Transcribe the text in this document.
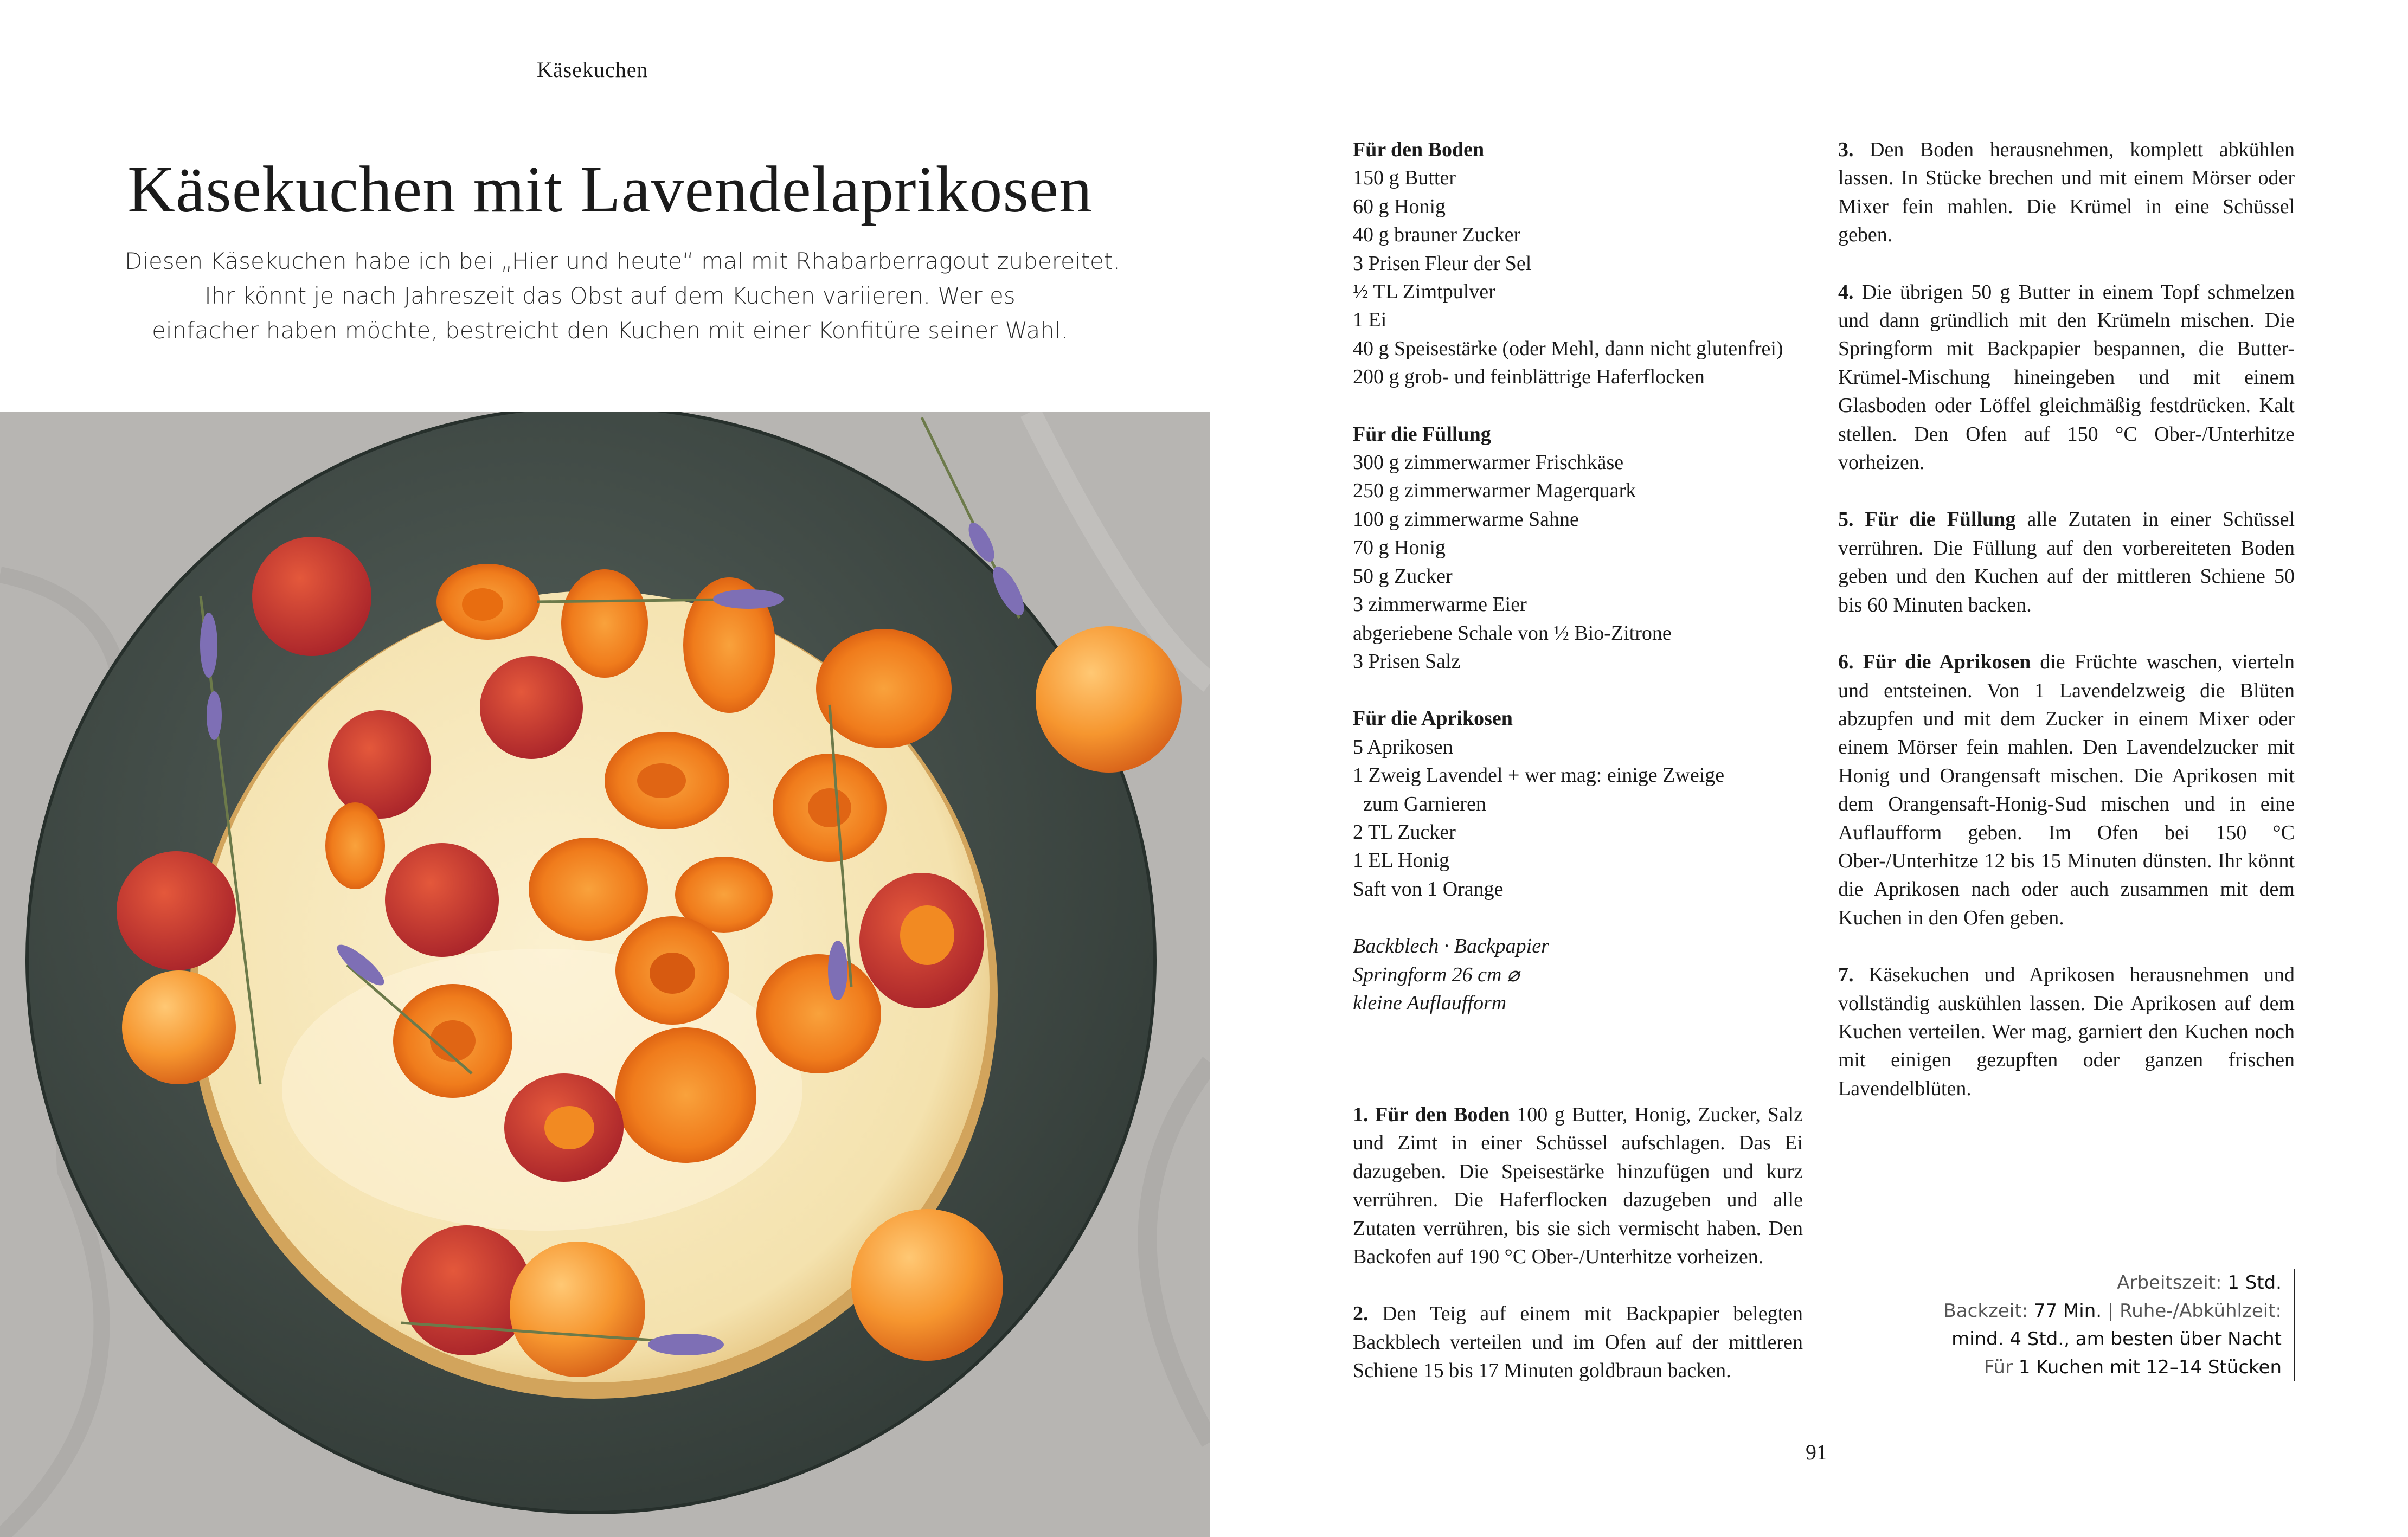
Käsekuchen
Käsekuchen mit Lavendelaprikosen
Diesen Käsekuchen habe ich bei „Hier und heute“ mal mit Rhabarberragout zubereitet.
Ihr könnt je nach Jahreszeit das Obst auf dem Kuchen variieren. Wer es
einfacher haben möchte, bestreicht den Kuchen mit einer Konfitüre seiner Wahl.
Für den Boden
150 g Butter
60 g Honig
40 g brauner Zucker
3 Prisen Fleur der Sel
½ TL Zimtpulver
1 Ei
40 g Speisestärke (oder Mehl, dann nicht glutenfrei)
200 g grob- und feinblättrige Haferflocken
Für die Füllung
300 g zimmerwarmer Frischkäse
250 g zimmerwarmer Magerquark
100 g zimmerwarme Sahne
70 g Honig
50 g Zucker
3 zimmerwarme Eier
abgeriebene Schale von ½ Bio-Zitrone
3 Prisen Salz
Für die Aprikosen
5 Aprikosen
1 Zweig Lavendel + wer mag: einige Zweige
zum Garnieren
2 TL Zucker
1 EL Honig
Saft von 1 Orange
Backblech · Backpapier
Springform 26 cm ⌀
kleine Auflaufform
1. Für den Boden 100 g Butter, Honig, Zucker, Salz und Zimt in einer Schüssel aufschlagen. Das Ei dazugeben. Die Speisestärke hinzufügen und kurz verrühren. Die Haferflocken dazugeben und alle Zutaten verrühren, bis sie sich vermischt haben. Den Backofen auf 190 °C Ober-/Unterhitze vorheizen.
2. Den Teig auf einem mit Backpapier belegten Backblech verteilen und im Ofen auf der mittleren Schiene 15 bis 17 Minuten goldbraun backen.
3. Den Boden herausnehmen, komplett abkühlen lassen. In Stücke brechen und mit einem Mörser oder Mixer fein mahlen. Die Krümel in eine Schüssel geben.
4. Die übrigen 50 g Butter in einem Topf schmelzen und dann gründlich mit den Krümeln mischen. Die Springform mit Backpapier bespannen, die Butter-Krümel-Mischung hineingeben und mit einem Glasboden oder Löffel gleichmäßig festdrücken. Kalt stellen. Den Ofen auf 150 °C Ober-/Unterhitze vorheizen.
5. Für die Füllung alle Zutaten in einer Schüssel verrühren. Die Füllung auf den vorbereiteten Boden geben und den Kuchen auf der mittleren Schiene 50 bis 60 Minuten backen.
6. Für die Aprikosen die Früchte waschen, vierteln und entsteinen. Von 1 Lavendelzweig die Blüten abzupfen und mit dem Zucker in einem Mixer oder einem Mörser fein mahlen. Den Lavendelzucker mit Honig und Orangensaft mischen. Die Aprikosen mit dem Orangensaft-Honig-Sud mischen und in eine Auflaufform geben. Im Ofen bei 150 °C Ober-/Unterhitze 12 bis 15 Minuten dünsten. Ihr könnt die Aprikosen nach oder auch zusammen mit dem Kuchen in den Ofen geben.
7. Käsekuchen und Aprikosen herausnehmen und vollständig auskühlen lassen. Die Aprikosen auf dem Kuchen verteilen. Wer mag, garniert den Kuchen noch mit einigen gezupften oder ganzen frischen Lavendelblüten.
Arbeitszeit: 1 Std.
Backzeit: 77 Min. | Ruhe-/Abkühlzeit:
mind. 4 Std., am besten über Nacht
Für 1 Kuchen mit 12–14 Stücken
91
